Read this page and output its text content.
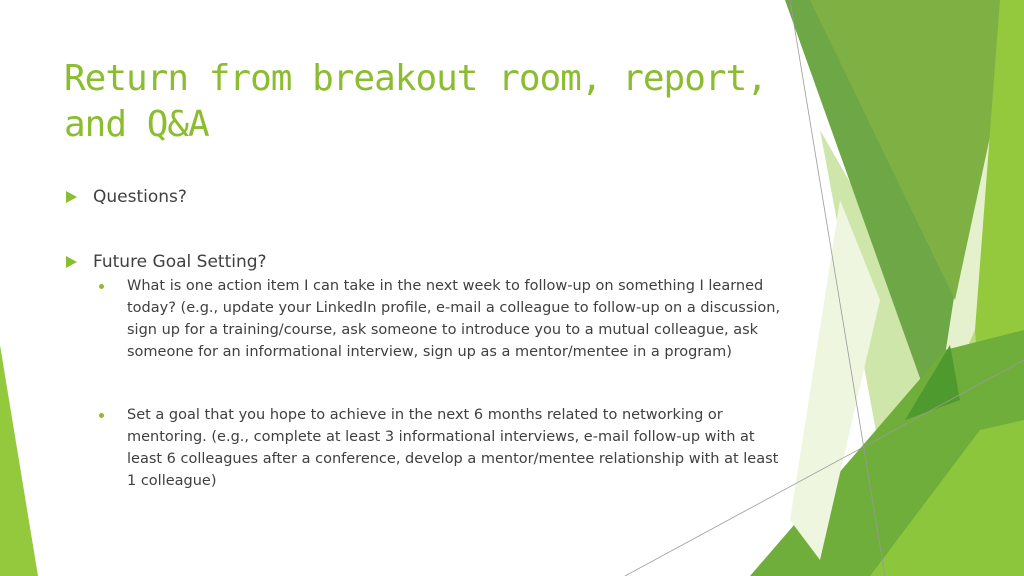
Return from breakout room, report, and Q&A
Questions?
Future Goal Setting?
What is one action item I can take in the next week to follow-up on something I learned today? (e.g., update your LinkedIn profile, e-mail a colleague to follow-up on a discussion, sign up for a training/course, ask someone to introduce you to a mutual colleague, ask someone for an informational interview, sign up as a mentor/mentee in a program)
Set a goal that you hope to achieve in the next 6 months related to networking or mentoring. (e.g., complete at least 3 informational interviews, e-mail follow-up with at least 6 colleagues after a conference, develop a mentor/mentee relationship with at least 1 colleague)
